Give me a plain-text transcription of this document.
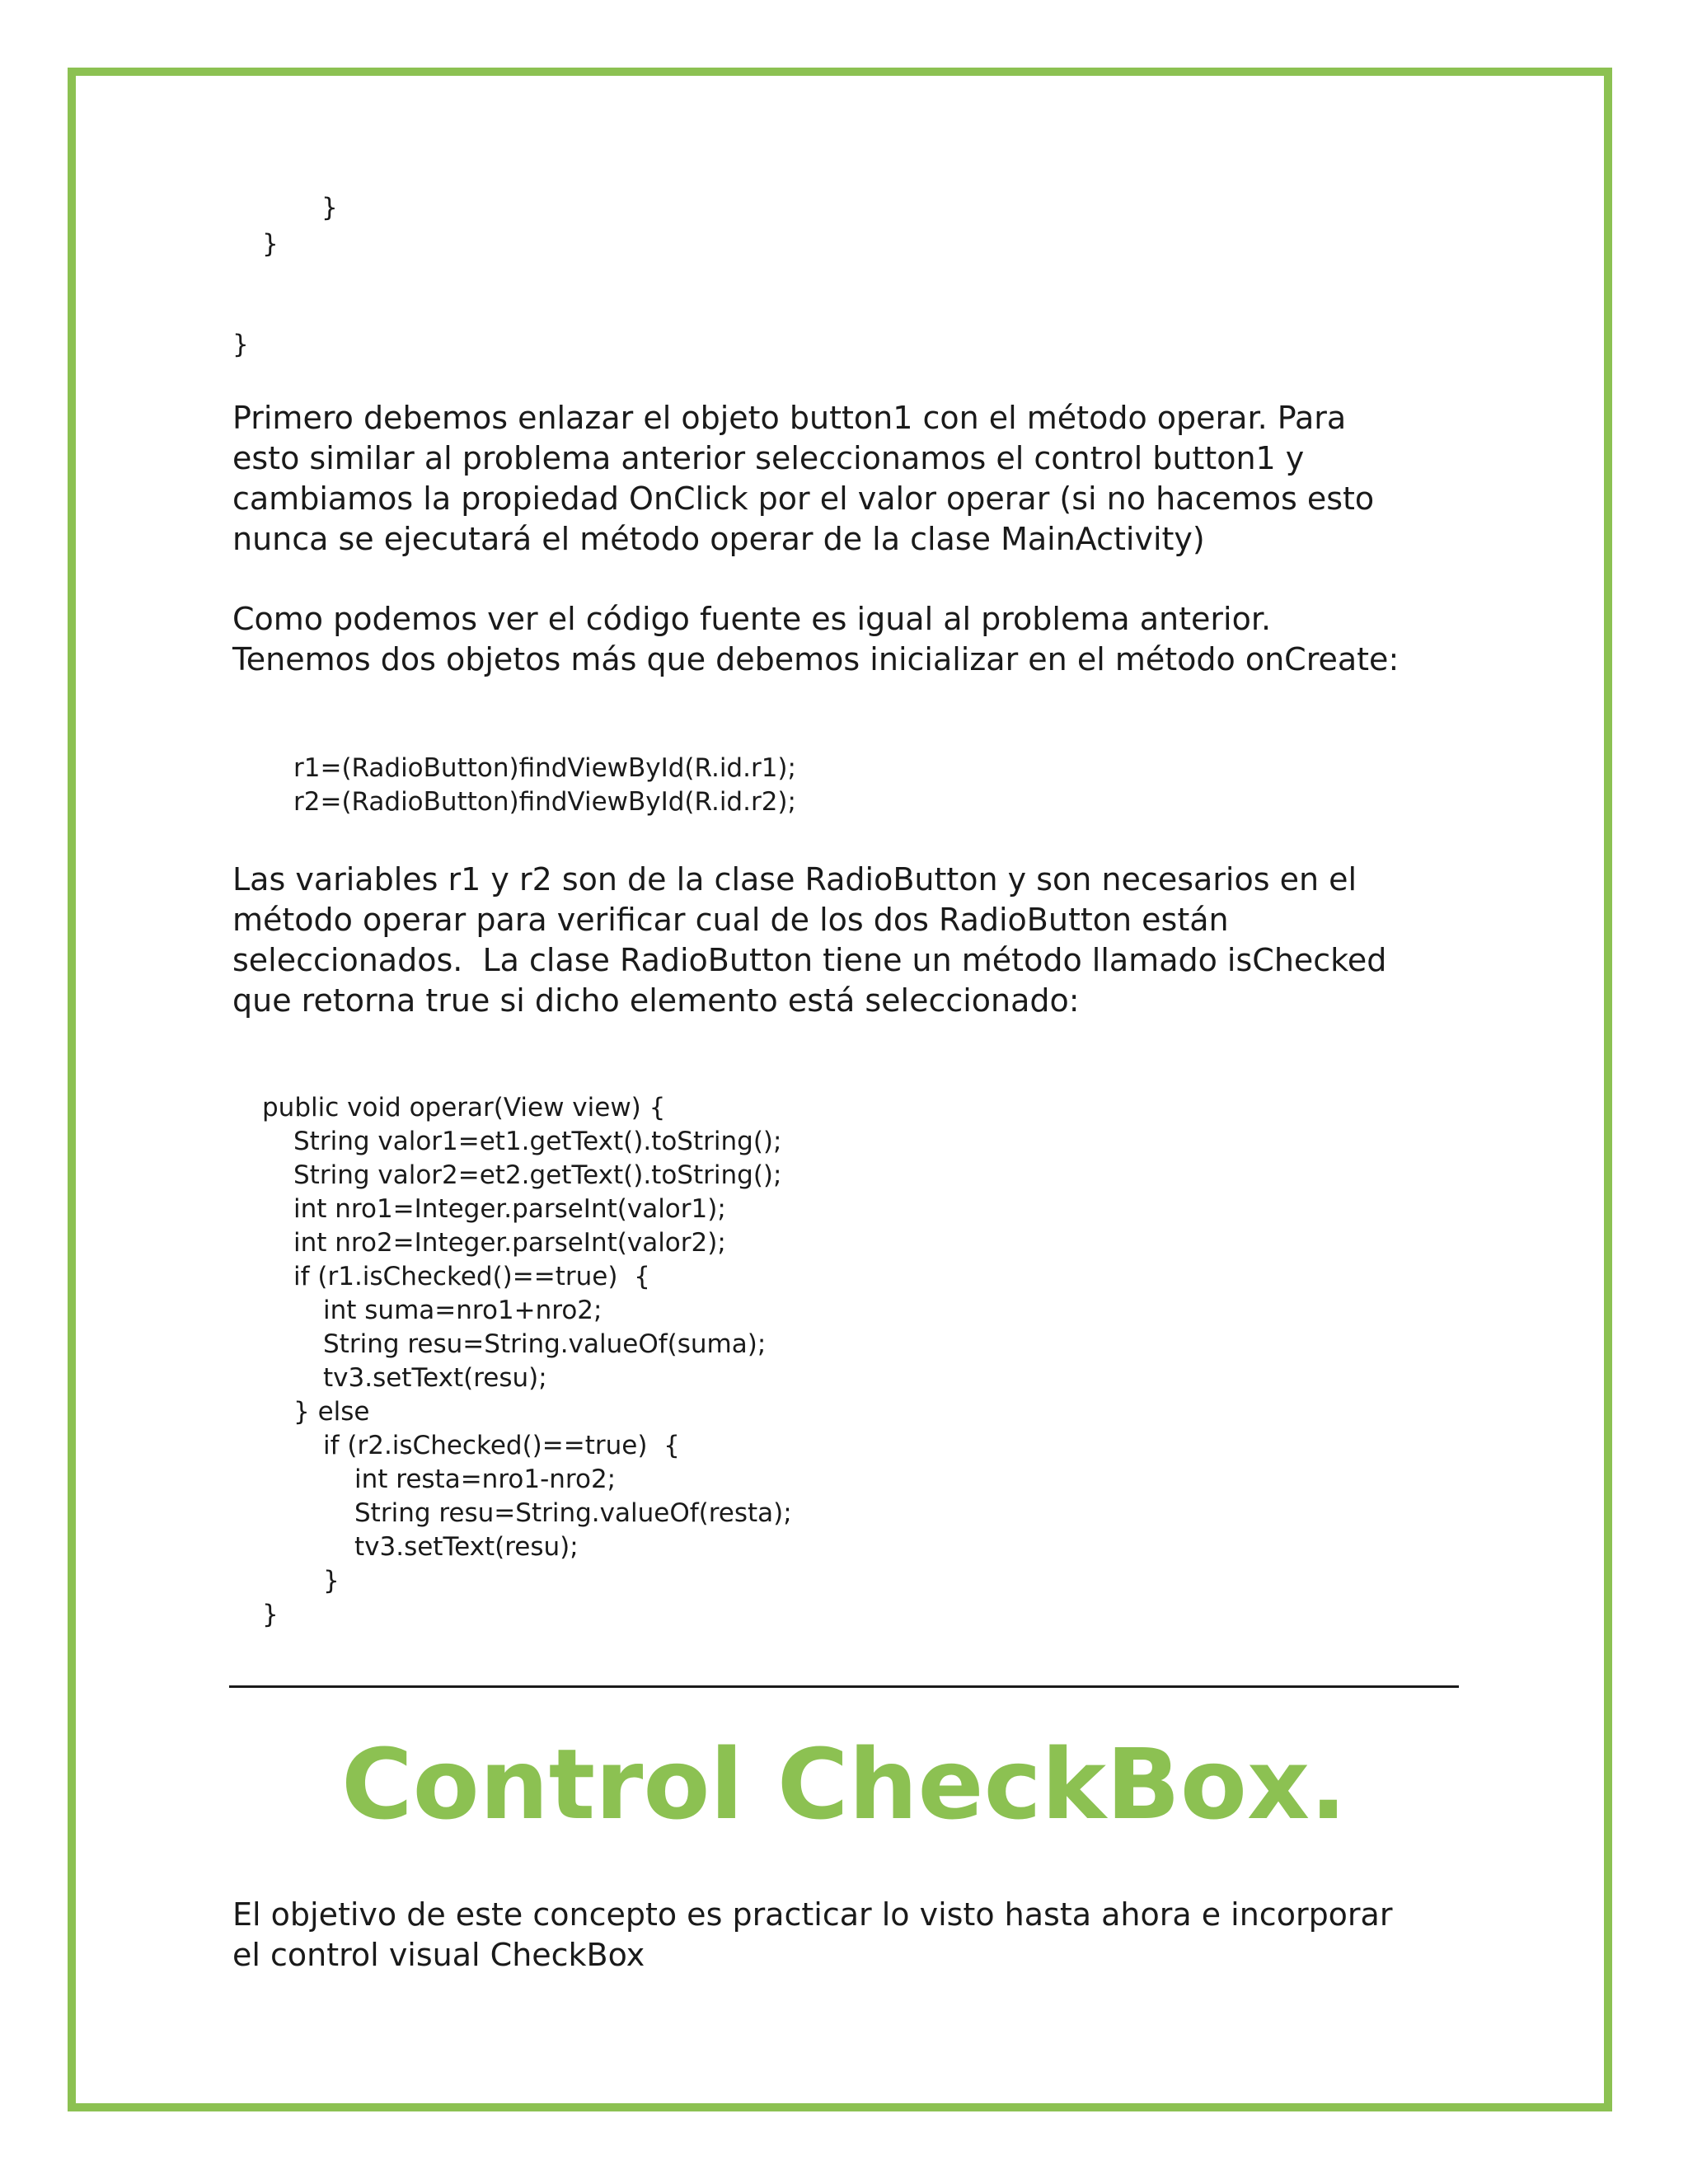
}
}
}
Primero debemos enlazar el objeto button1 con el método operar. Para
esto similar al problema anterior seleccionamos el control button1 y
cambiamos la propiedad OnClick por el valor operar (si no hacemos esto
nunca se ejecutará el método operar de la clase MainActivity)
Como podemos ver el código fuente es igual al problema anterior.
Tenemos dos objetos más que debemos inicializar en el método onCreate:
r1=(RadioButton)findViewById(R.id.r1);
r2=(RadioButton)findViewById(R.id.r2);
Las variables r1 y r2 son de la clase RadioButton y son necesarios en el
método operar para verificar cual de los dos RadioButton están
seleccionados.  La clase RadioButton tiene un método llamado isChecked
que retorna true si dicho elemento está seleccionado:
public void operar(View view) {
String valor1=et1.getText().toString();
String valor2=et2.getText().toString();
int nro1=Integer.parseInt(valor1);
int nro2=Integer.parseInt(valor2);
if (r1.isChecked()==true)  {
int suma=nro1+nro2;
String resu=String.valueOf(suma);
tv3.setText(resu);
} else
if (r2.isChecked()==true)  {
int resta=nro1-nro2;
String resu=String.valueOf(resta);
tv3.setText(resu);
}
}
Control CheckBox.
El objetivo de este concepto es practicar lo visto hasta ahora e incorporar
el control visual CheckBox
